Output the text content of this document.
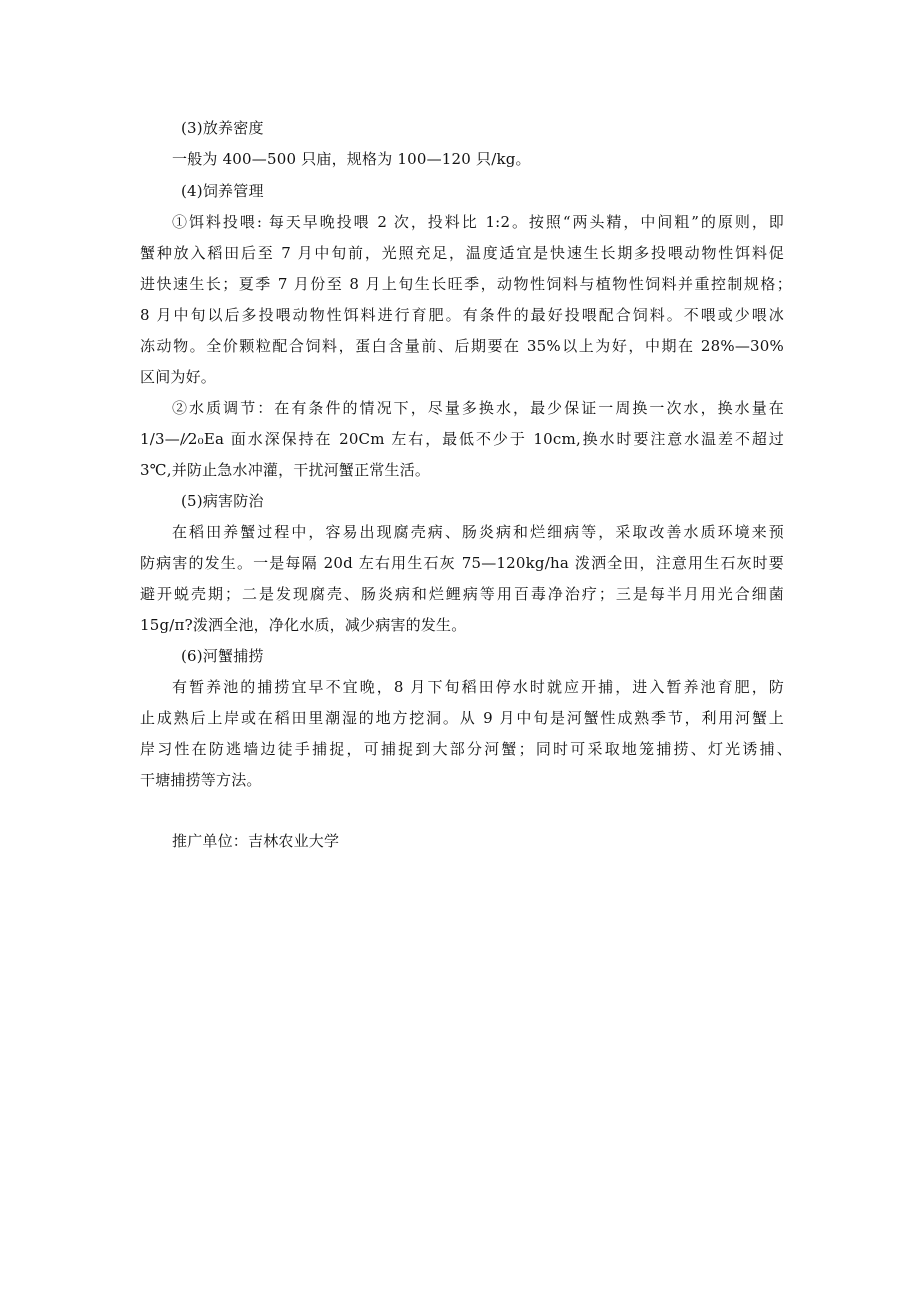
(3)放养密度
一般为 400—500 只庙，规格为 100—120 只/kg。
(4)饲养管理
①饵料投喂: 每天早晚投喂 2 次，投料比 1:2。按照“两头精，中间粗”的原则，即
蟹种放入稻田后至 7 月中旬前，光照充足，温度适宜是快速生长期多投喂动物性饵料促
进快速生长；夏季 7 月份至 8 月上旬生长旺季，动物性饲料与植物性饲料并重控制规格；
8 月中旬以后多投喂动物性饵料进行育肥。有条件的最好投喂配合饲料。不喂或少喂冰
冻动物。全价颗粒配合饲料，蛋白含量前、后期要在 35%以上为好，中期在 28%—30%
区间为好。
②水质调节：在有条件的情况下，尽量多换水，最少保证一周换一次水，换水量在
1/3—∕⁄2₀Ea 面水深保持在 20Cm 左右，最低不少于 10cm,换水时要注意水温差不超过
3℃,并防止急水冲灌，干扰河蟹正常生活。
(5)病害防治
在稻田养蟹过程中，容易出现腐壳病、肠炎病和烂细病等，采取改善水质环境来预
防病害的发生。一是每隔 20d 左右用生石灰 75—120kg/ha 泼洒全田，注意用生石灰时要
避开蜕壳期；二是发现腐壳、肠炎病和烂鲤病等用百毒净治疗；三是每半月用光合细菌
15g∕π?泼洒全池，净化水质，减少病害的发生。
(6)河蟹捕捞
有暂养池的捕捞宜早不宜晚，8 月下旬稻田停水时就应开捕，进入暂养池育肥，防
止成熟后上岸或在稻田里潮湿的地方挖洞。从 9 月中旬是河蟹性成熟季节，利用河蟹上
岸习性在防逃墙边徒手捕捉，可捕捉到大部分河蟹；同时可采取地笼捕捞、灯光诱捕、
干塘捕捞等方法。
推广单位：吉林农业大学
